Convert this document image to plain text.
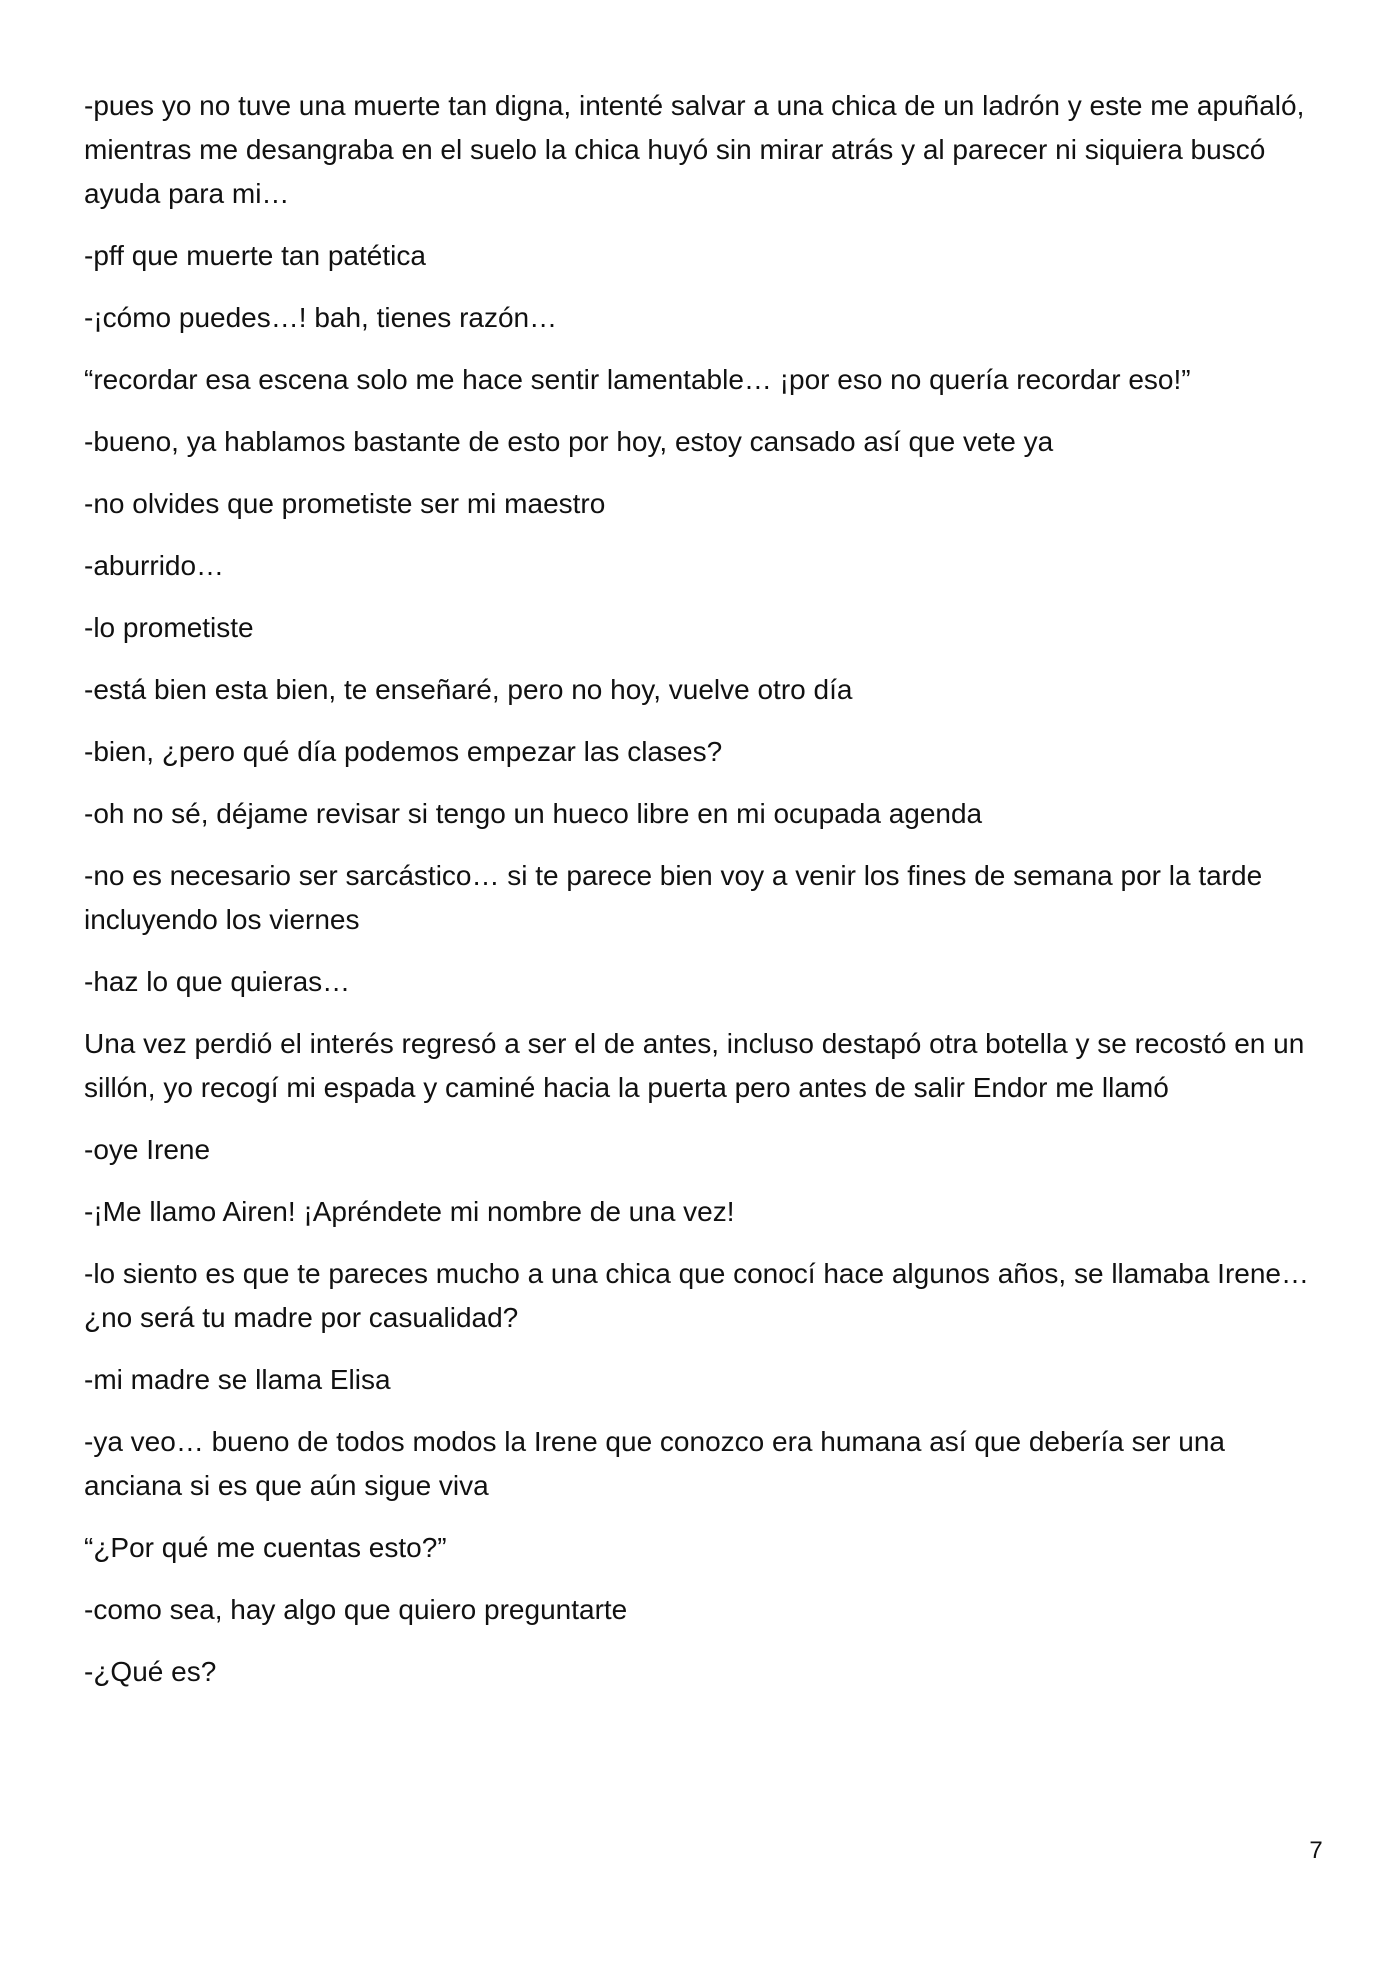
-pues yo no tuve una muerte tan digna, intenté salvar a una chica de un ladrón y este me apuñaló, mientras me desangraba en el suelo la chica huyó sin mirar atrás y al parecer ni siquiera buscó ayuda para mi…

-pff que muerte tan patética

-¡cómo puedes…! bah, tienes razón…

“recordar esa escena solo me hace sentir lamentable… ¡por eso no quería recordar eso!”

-bueno, ya hablamos bastante de esto por hoy, estoy cansado así que vete ya

-no olvides que prometiste ser mi maestro

-aburrido…

-lo prometiste

-está bien esta bien, te enseñaré, pero no hoy, vuelve otro día

-bien, ¿pero qué día podemos empezar las clases?

-oh no sé, déjame revisar si tengo un hueco libre en mi ocupada agenda

-no es necesario ser sarcástico… si te parece bien voy a venir los fines de semana por la tarde incluyendo los viernes

-haz lo que quieras…

Una vez perdió el interés regresó a ser el de antes, incluso destapó otra botella y se recostó en un sillón, yo recogí mi espada y caminé hacia la puerta pero antes de salir Endor me llamó

-oye Irene

-¡Me llamo Airen! ¡Apréndete mi nombre de una vez!

-lo siento es que te pareces mucho a una chica que conocí hace algunos años, se llamaba Irene… ¿no será tu madre por casualidad?

-mi madre se llama Elisa

-ya veo… bueno de todos modos la Irene que conozco era humana así que debería ser una anciana si es que aún sigue viva

“¿Por qué me cuentas esto?”

-como sea, hay algo que quiero preguntarte

-¿Qué es?

7
